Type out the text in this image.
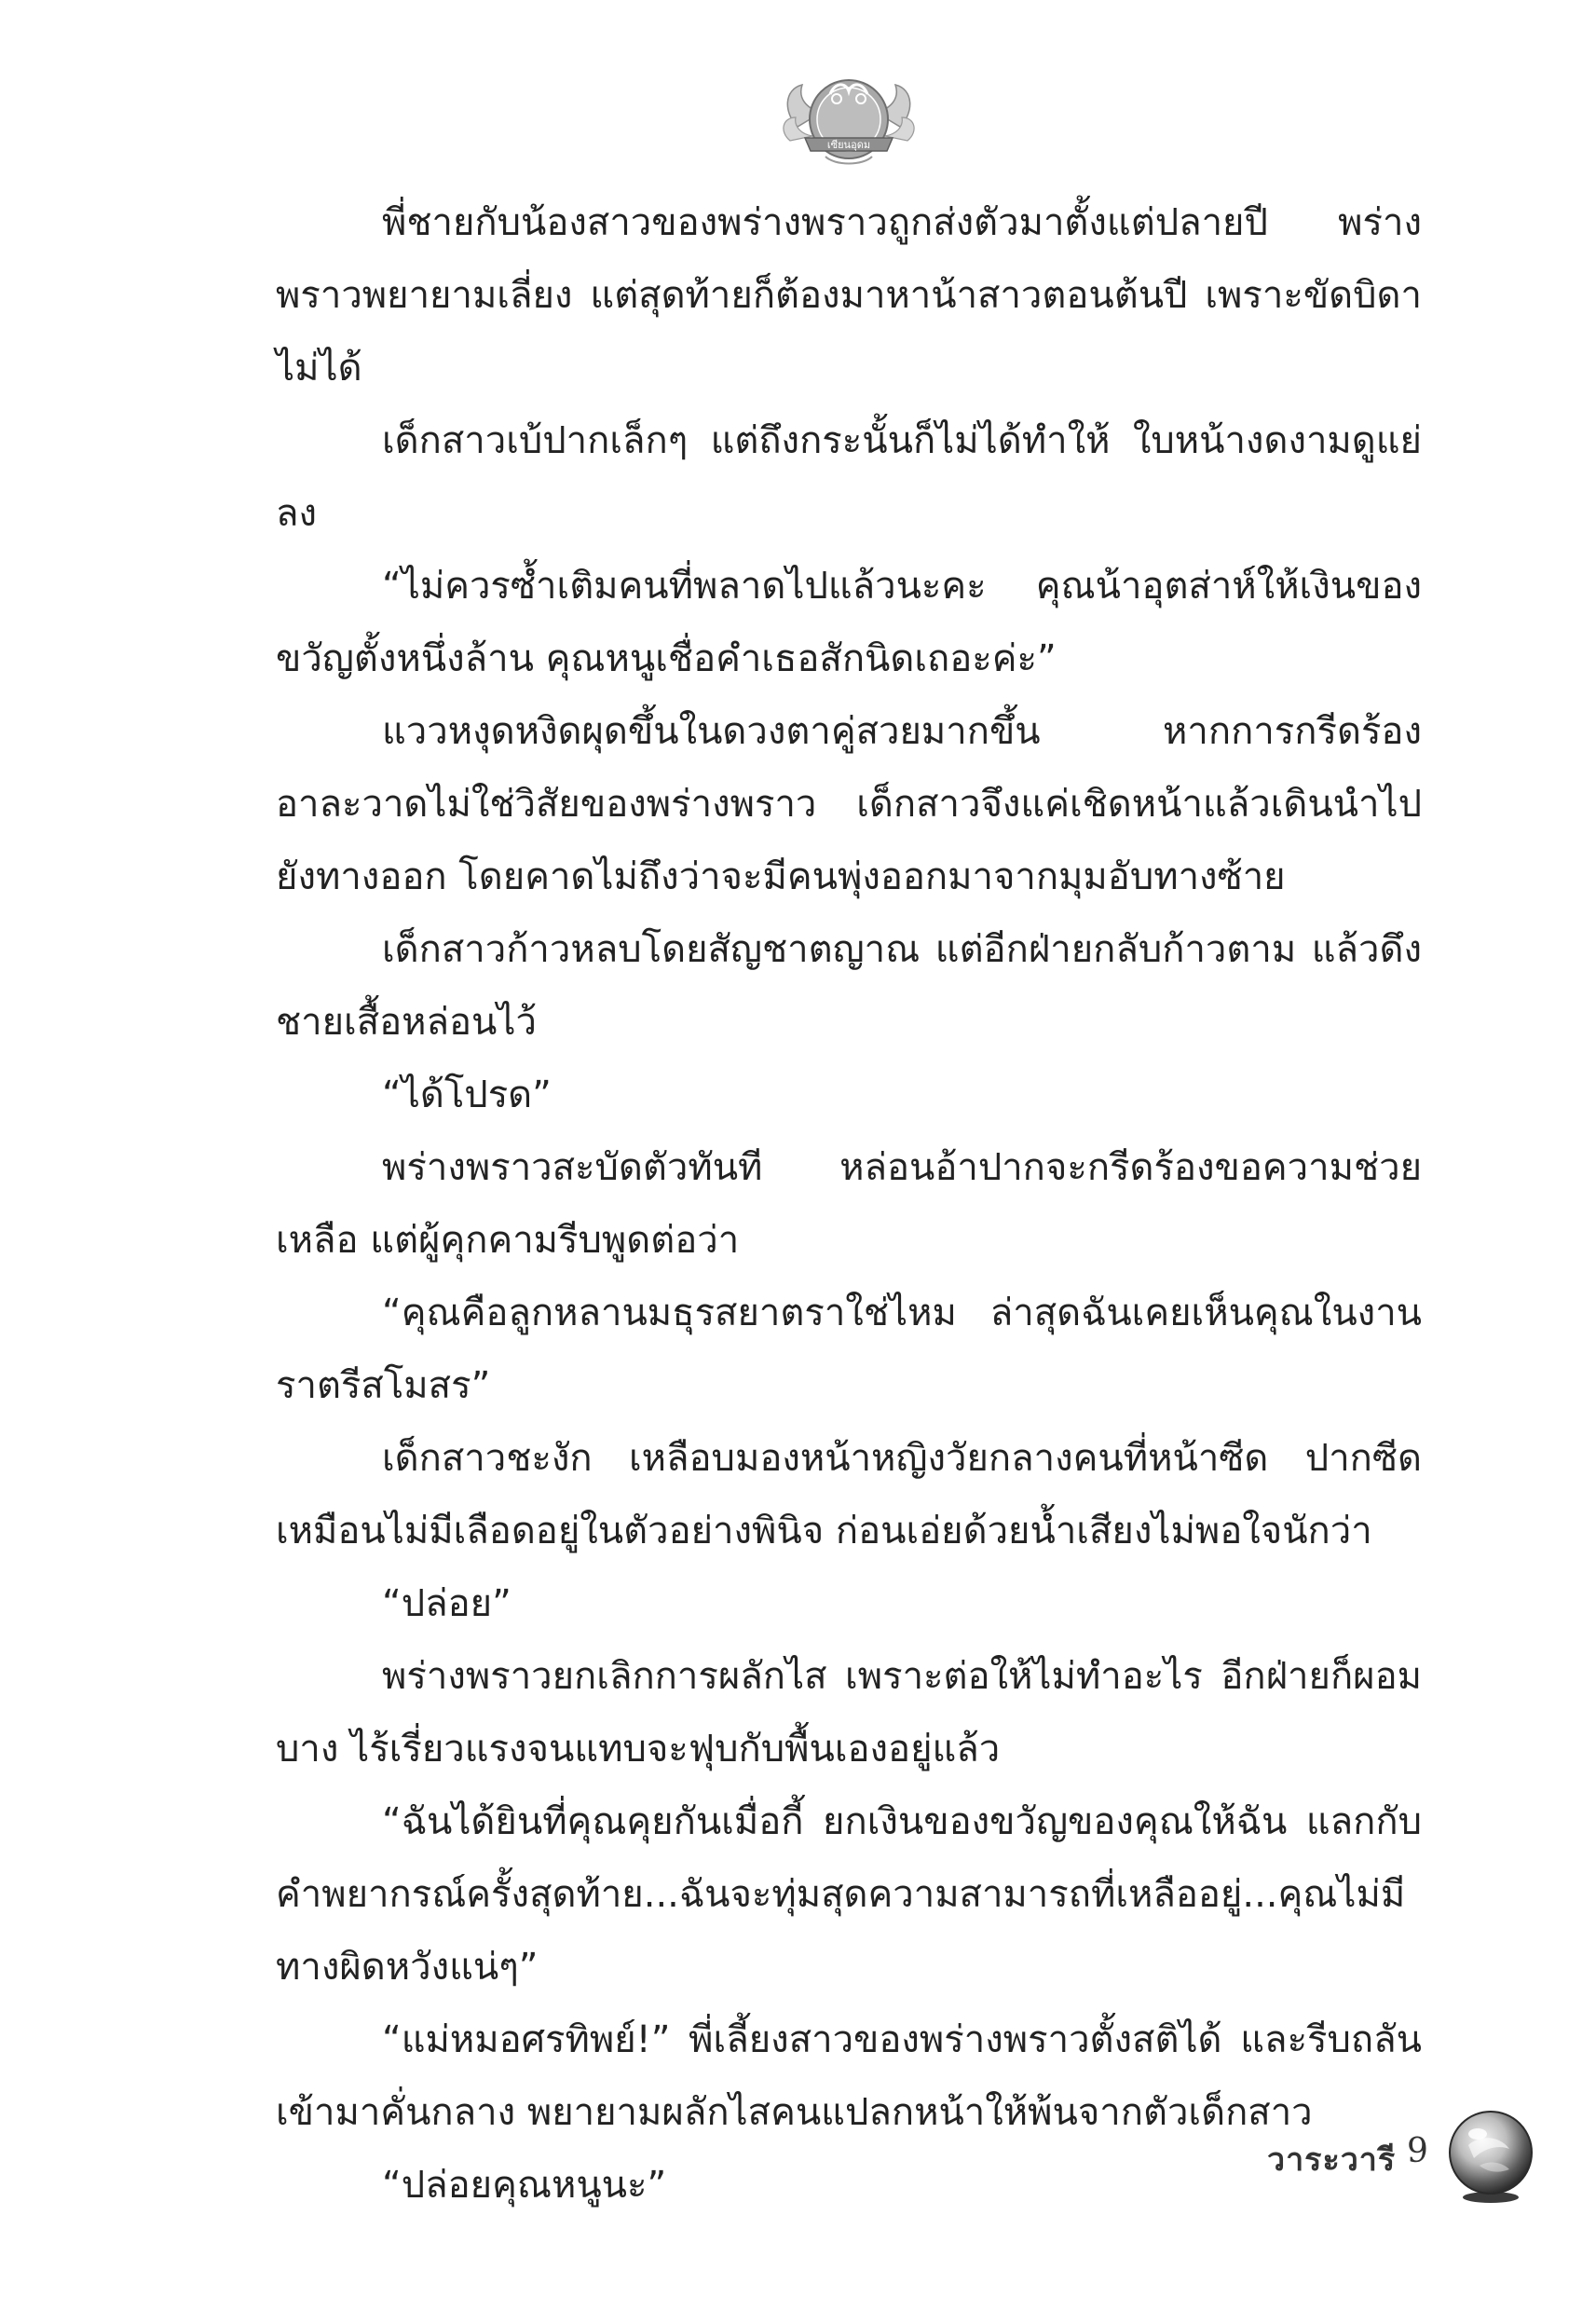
เซียนอุดม

พี่ชายกับน้องสาวของพร่างพราวถูกส่งตัวมาตั้งแต่ปลายปี พร่างพราวพยายามเลี่ยง แต่สุดท้ายก็ต้องมาหาน้าสาวตอนต้นปี เพราะขัดบิดาไม่ได้

เด็กสาวเบ้ปากเล็กๆ แต่ถึงกระนั้นก็ไม่ได้ทำให้ ใบหน้างดงามดูแย่ลง

“ไม่ควรซ้ำเติมคนที่พลาดไปแล้วนะคะ คุณน้าอุตส่าห์ให้เงินของขวัญตั้งหนึ่งล้าน คุณหนูเชื่อคำเธอสักนิดเถอะค่ะ”

แววหงุดหงิดผุดขึ้นในดวงตาคู่สวยมากขึ้น หากการกรีดร้องอาละวาดไม่ใช่วิสัยของพร่างพราว เด็กสาวจึงแค่เชิดหน้าแล้วเดินนำไปยังทางออก โดยคาดไม่ถึงว่าจะมีคนพุ่งออกมาจากมุมอับทางซ้าย

เด็กสาวก้าวหลบโดยสัญชาตญาณ แต่อีกฝ่ายกลับก้าวตาม แล้วดึงชายเสื้อหล่อนไว้

“ได้โปรด”

พร่างพราวสะบัดตัวทันที หล่อนอ้าปากจะกรีดร้องขอความช่วยเหลือ แต่ผู้คุกคามรีบพูดต่อว่า

“คุณคือลูกหลานมธุรสยาตราใช่ไหม ล่าสุดฉันเคยเห็นคุณในงานราตรีสโมสร”

เด็กสาวชะงัก เหลือบมองหน้าหญิงวัยกลางคนที่หน้าซีด ปากซีดเหมือนไม่มีเลือดอยู่ในตัวอย่างพินิจ ก่อนเอ่ยด้วยน้ำเสียงไม่พอใจนักว่า

“ปล่อย”

พร่างพราวยกเลิกการผลักไส เพราะต่อให้ไม่ทำอะไร อีกฝ่ายก็ผอมบาง ไร้เรี่ยวแรงจนแทบจะฟุบกับพื้นเองอยู่แล้ว

“ฉันได้ยินที่คุณคุยกันเมื่อกี้ ยกเงินของขวัญของคุณให้ฉัน แลกกับคำพยากรณ์ครั้งสุดท้าย...ฉันจะทุ่มสุดความสามารถที่เหลืออยู่...คุณไม่มีทางผิดหวังแน่ๆ”

“แม่หมอศรทิพย์!” พี่เลี้ยงสาวของพร่างพราวตั้งสติได้ และรีบถลันเข้ามาคั่นกลาง พยายามผลักไสคนแปลกหน้าให้พ้นจากตัวเด็กสาว

“ปล่อยคุณหนูนะ”

วาระวารี 9
